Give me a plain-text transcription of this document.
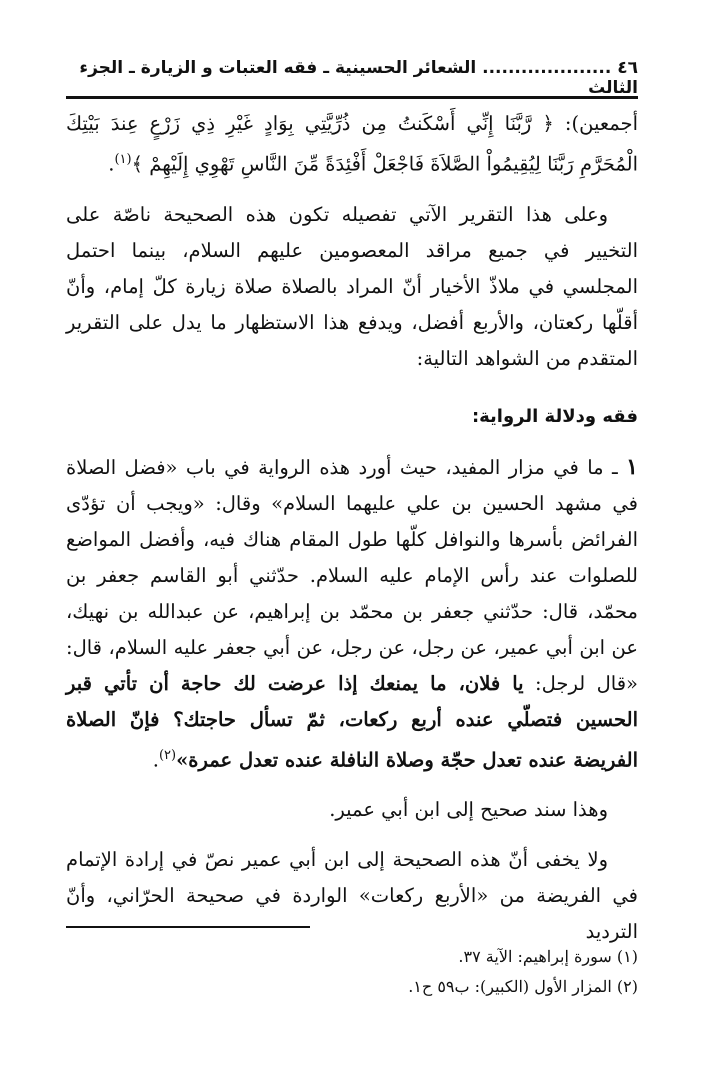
٤٦ .................... الشعائر الحسينية ـ فقه العتبات و الزيارة ـ الجزء الثالث

أجمعين): ﴿ رَّبَّنَا إِنِّي أَسْكَنتُ مِن ذُرِّيَّتِي بِوَادٍ غَيْرِ ذِي زَرْعٍ عِندَ بَيْتِكَ الْمُحَرَّمِ رَبَّنَا لِيُقِيمُواْ الصَّلاَةَ فَاجْعَلْ أَفْئِدَةً مِّنَ النَّاسِ تَهْوِي إِلَيْهِمْ ﴾$^{(١)}$.

وعلى هذا التقرير الآتي تفصيله تكون هذه الصحيحة ناصّة على التخيير في جميع مراقد المعصومين عليهم السلام، بينما احتمل المجلسي في ملاذّ الأخيار أنّ المراد بالصلاة صلاة زيارة كلّ إمام، وأنّ أقلّها ركعتان، والأربع أفضل، ويدفع هذا الاستظهار ما يدل على التقرير المتقدم من الشواهد التالية:

فقه ودلالة الرواية:

١ ـ ما في مزار المفيد، حيث أورد هذه الرواية في باب «فضل الصلاة في مشهد الحسين بن علي عليهما السلام» وقال: «ويجب أن تؤدّى الفرائض بأسرها والنوافل كلّها طول المقام هناك فيه، وأفضل المواضع للصلوات عند رأس الإمام عليه السلام. حدّثني أبو القاسم جعفر بن محمّد، قال: حدّثني جعفر بن محمّد بن إبراهيم، عن عبدالله بن نهيك، عن ابن أبي عمير، عن رجل، عن رجل، عن أبي جعفر عليه السلام، قال: «قال لرجل: يا فلان، ما يمنعك إذا عرضت لك حاجة أن تأتي قبر الحسين فتصلّي عنده أربع ركعات، ثمّ تسأل حاجتك؟ فإنّ الصلاة الفريضة عنده تعدل حجّة وصلاة النافلة عنده تعدل عمرة»$^{(٢)}$.

وهذا سند صحيح إلى ابن أبي عمير.

ولا يخفى أنّ هذه الصحيحة إلى ابن أبي عمير نصّ في إرادة الإتمام في الفريضة من «الأربع ركعات» الواردة في صحيحة الحرّاني، وأنّ الترديد

(١) سورة إبراهيم: الآية ٣٧.
(٢) المزار الأول (الكبير): ب٥٩ ح١.
